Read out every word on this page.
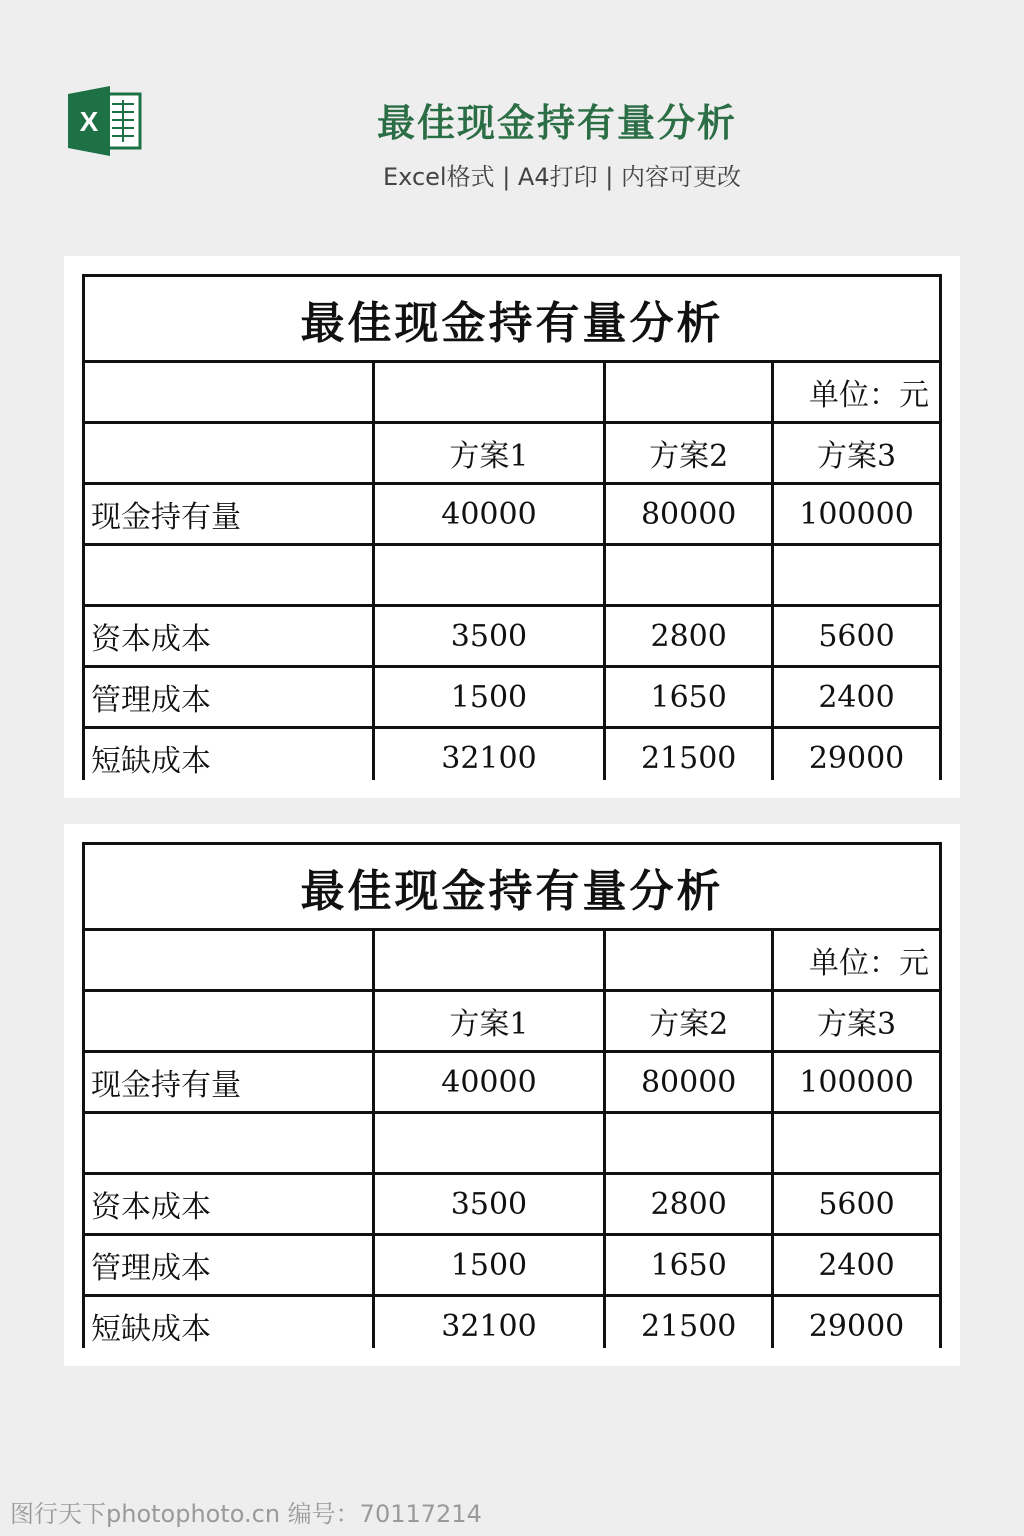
X	最佳现金持有量分析
Excel格式 | A4打印 | 内容可更改
最佳现金持有量分析			
			单位：元
	方案1	方案2	方案3
现金持有量	40000	80000	100000

资本成本	3500	2800	5600
管理成本	1500	1650	2400
短缺成本	32100	21500	29000
最佳现金持有量分析			
			单位：元
	方案1	方案2	方案3
现金持有量	40000	80000	100000

资本成本	3500	2800	5600
管理成本	1500	1650	2400
短缺成本	32100	21500	29000
图行天下photophoto.cn 编号：70117214
